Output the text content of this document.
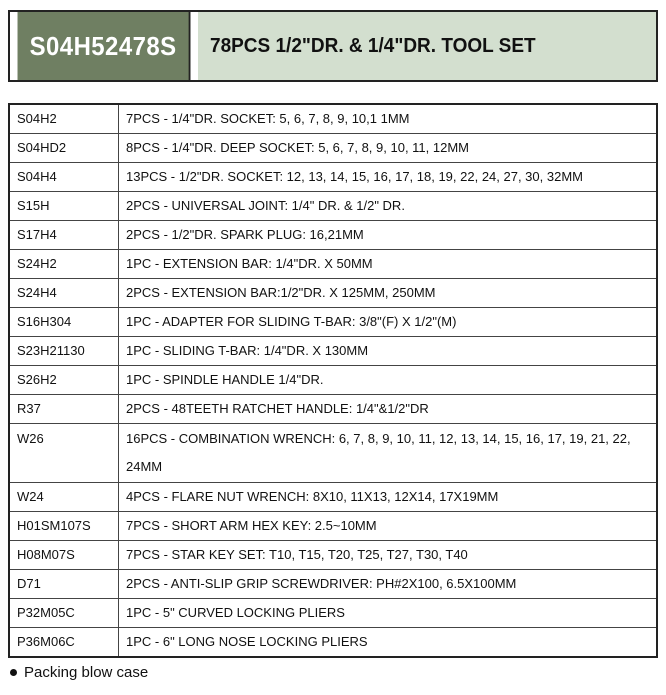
S04H52478S	78PCS 1/2"DR. & 1/4"DR. TOOL SET
S04H2	7PCS - 1/4"DR. SOCKET: 5, 6, 7, 8, 9, 10,1 1MM
S04HD2	8PCS - 1/4"DR. DEEP SOCKET: 5, 6, 7, 8, 9, 10, 11, 12MM
S04H4	13PCS - 1/2"DR. SOCKET: 12, 13, 14, 15, 16, 17, 18, 19, 22, 24, 27, 30, 32MM
S15H	2PCS - UNIVERSAL JOINT: 1/4" DR. & 1/2" DR.
S17H4	2PCS - 1/2"DR. SPARK PLUG: 16,21MM
S24H2	1PC - EXTENSION BAR: 1/4"DR. X 50MM
S24H4	2PCS - EXTENSION BAR:1/2"DR. X 125MM, 250MM
S16H304	1PC - ADAPTER FOR SLIDING T-BAR: 3/8"(F) X 1/2"(M)
S23H21130	1PC - SLIDING T-BAR: 1/4"DR. X 130MM
S26H2	1PC - SPINDLE HANDLE 1/4"DR.
R37	2PCS - 48TEETH RATCHET HANDLE: 1/4"&1/2"DR
W26	16PCS - COMBINATION WRENCH: 6, 7, 8, 9, 10, 11, 12, 13, 14, 15, 16, 17, 19, 21, 22, 24MM
W24	4PCS - FLARE NUT WRENCH: 8X10, 11X13, 12X14, 17X19MM
H01SM107S	7PCS - SHORT ARM HEX KEY: 2.5~10MM
H08M07S	7PCS - STAR KEY SET: T10, T15, T20, T25, T27, T30, T40
D71	2PCS - ANTI-SLIP GRIP SCREWDRIVER: PH#2X100, 6.5X100MM
P32M05C	1PC - 5" CURVED LOCKING PLIERS
P36M06C	1PC - 6" LONG NOSE LOCKING PLIERS
Packing blow case
